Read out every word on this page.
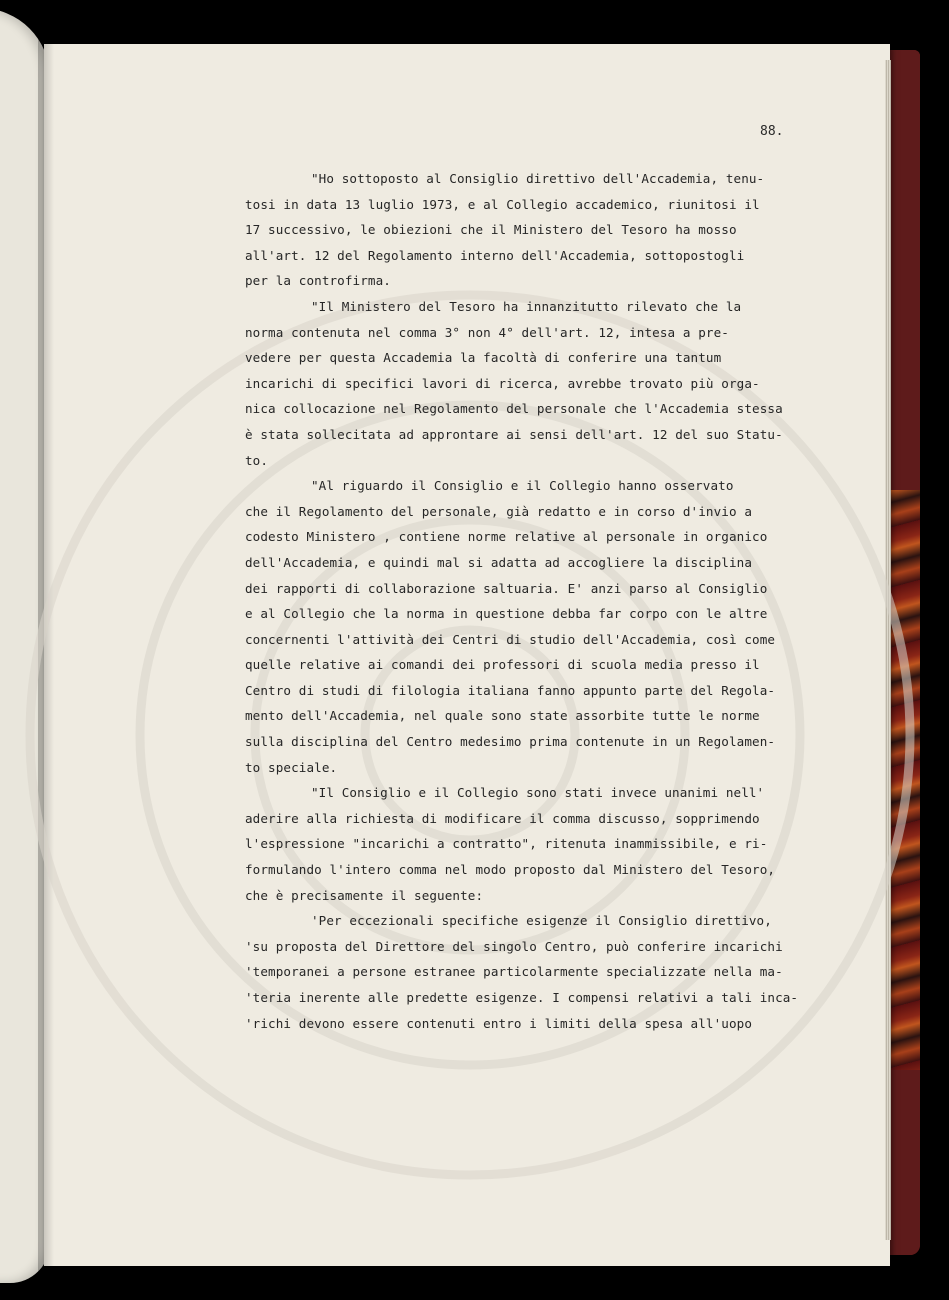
88.
"Ho sottoposto al Consiglio direttivo dell'Accademia, tenu-
tosi in data 13 luglio 1973, e al Collegio accademico, riunitosi il
17 successivo, le obiezioni che il Ministero del Tesoro ha mosso
all'art. 12 del Regolamento interno dell'Accademia, sottopostogli
per la controfirma.
"Il Ministero del Tesoro ha innanzitutto rilevato che la
norma contenuta nel comma 3° non 4° dell'art. 12, intesa a pre-
vedere per questa Accademia la facoltà di conferire una tantum
incarichi di specifici lavori di ricerca, avrebbe trovato più orga-
nica collocazione nel Regolamento del personale che l'Accademia stessa
è stata sollecitata ad approntare ai sensi dell'art. 12 del suo Statu-
to.
"Al riguardo il Consiglio e il Collegio hanno osservato
che il Regolamento del personale, già redatto e in corso d'invio a
codesto Ministero , contiene norme relative al personale in organico
dell'Accademia, e quindi mal si adatta ad accogliere la disciplina
dei rapporti di collaborazione saltuaria. E' anzi parso al Consiglio
e al Collegio che la norma in questione debba far corpo con le altre
concernenti l'attività dei Centri di studio dell'Accademia, così come
quelle relative ai comandi dei professori di scuola media presso il
Centro di studi di filologia italiana fanno appunto parte del Regola-
mento dell'Accademia, nel quale sono state assorbite tutte le norme
sulla disciplina del Centro medesimo prima contenute in un Regolamen-
to speciale.
"Il Consiglio e il Collegio sono stati invece unanimi nell'
aderire alla richiesta di modificare il comma discusso, sopprimendo
l'espressione "incarichi a contratto", ritenuta inammissibile, e ri-
formulando l'intero comma nel modo proposto dal Ministero del Tesoro,
che è precisamente il seguente:
'Per eccezionali specifiche esigenze il Consiglio direttivo,
'su proposta del Direttore del singolo Centro, può conferire incarichi
'temporanei a persone estranee particolarmente specializzate nella ma-
'teria inerente alle predette esigenze. I compensi relativi a tali inca-
'richi devono essere contenuti entro i limiti della spesa all'uopo
